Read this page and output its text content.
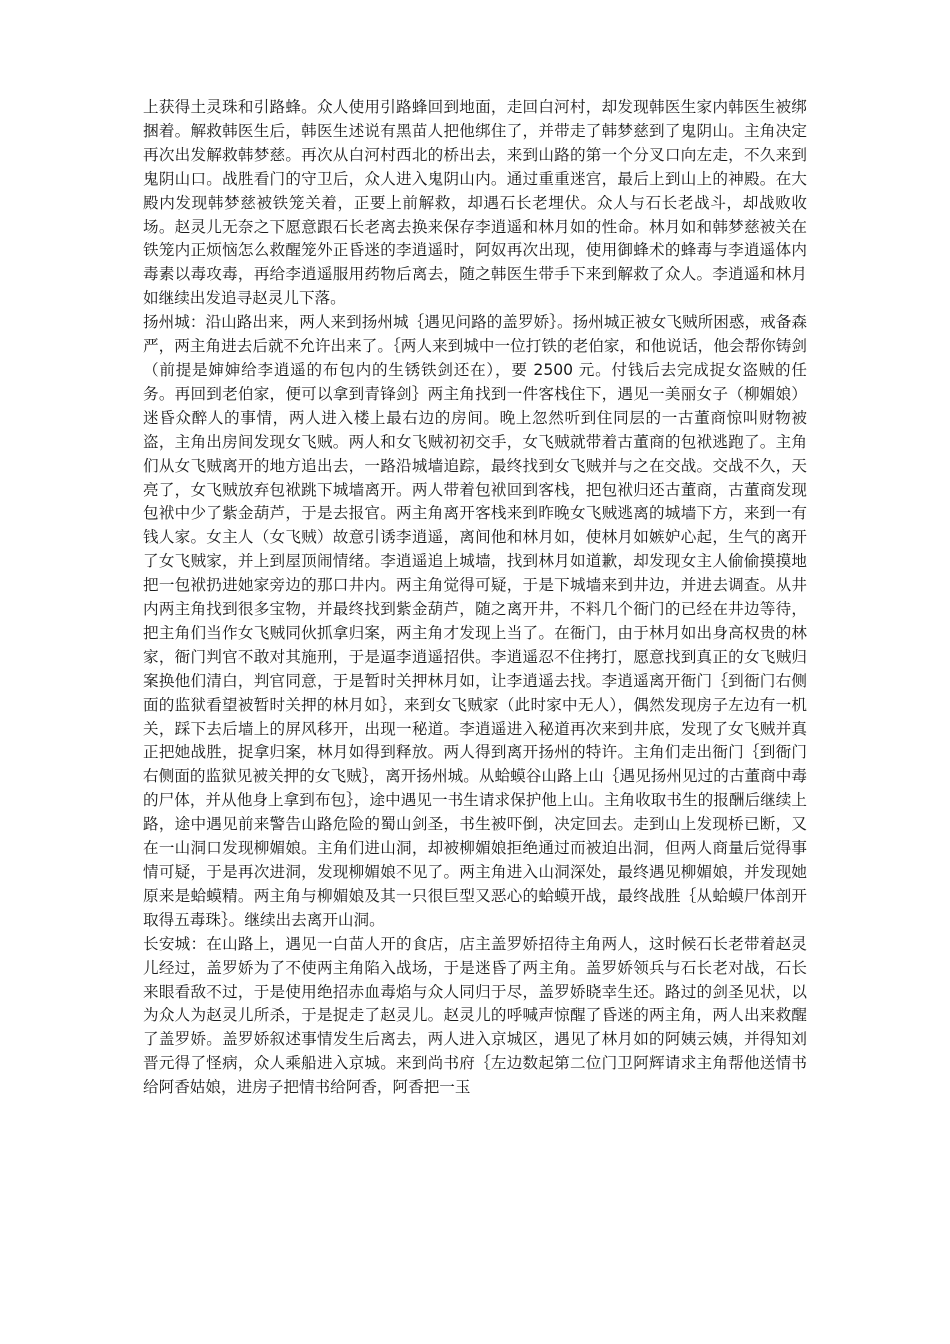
上获得土灵珠和引路蜂。众人使用引路蜂回到地面，走回白河村，却发现韩医生家内韩医生被绑捆着。解救韩医生后，韩医生述说有黑苗人把他绑住了，并带走了韩梦慈到了鬼阴山。主角决定再次出发解救韩梦慈。再次从白河村西北的桥出去，来到山路的第一个分叉口向左走，不久来到鬼阴山口。战胜看门的守卫后，众人进入鬼阴山内。通过重重迷宫，最后上到山上的神殿。在大殿内发现韩梦慈被铁笼关着，正要上前解救，却遇石长老埋伏。众人与石长老战斗，却战败收场。赵灵儿无奈之下愿意跟石长老离去换来保存李逍遥和林月如的性命。林月如和韩梦慈被关在铁笼内正烦恼怎么救醒笼外正昏迷的李逍遥时，阿奴再次出现，使用御蜂术的蜂毒与李逍遥体内毒素以毒攻毒，再给李逍遥服用药物后离去，随之韩医生带手下来到解救了众人。李逍遥和林月如继续出发追寻赵灵儿下落。

扬州城：沿山路出来，两人来到扬州城｛遇见问路的盖罗娇｝。扬州城正被女飞贼所困惑，戒备森严，两主角进去后就不允许出来了。｛两人来到城中一位打铁的老伯家，和他说话，他会帮你铸剑（前提是婶婶给李逍遥的布包内的生锈铁剑还在），要 2500 元。付钱后去完成捉女盗贼的任务。再回到老伯家，便可以拿到青锋剑｝两主角找到一件客栈住下，遇见一美丽女子（柳媚娘）迷昏众醉人的事情，两人进入楼上最右边的房间。晚上忽然听到住同层的一古董商惊叫财物被盗，主角出房间发现女飞贼。两人和女飞贼初初交手，女飞贼就带着古董商的包袱逃跑了。主角们从女飞贼离开的地方追出去，一路沿城墙追踪，最终找到女飞贼并与之在交战。交战不久，天亮了，女飞贼放弃包袱跳下城墙离开。两人带着包袱回到客栈，把包袱归还古董商，古董商发现包袱中少了紫金葫芦，于是去报官。两主角离开客栈来到昨晚女飞贼逃离的城墙下方，来到一有钱人家。女主人（女飞贼）故意引诱李逍遥，离间他和林月如，使林月如嫉妒心起，生气的离开了女飞贼家，并上到屋顶闹情绪。李逍遥追上城墙，找到林月如道歉，却发现女主人偷偷摸摸地把一包袱扔进她家旁边的那口井内。两主角觉得可疑，于是下城墙来到井边，并进去调查。从井内两主角找到很多宝物，并最终找到紫金葫芦，随之离开井，不料几个衙门的已经在井边等待，把主角们当作女飞贼同伙抓拿归案，两主角才发现上当了。在衙门，由于林月如出身高权贵的林家，衙门判官不敢对其施刑，于是逼李逍遥招供。李逍遥忍不住拷打，愿意找到真正的女飞贼归案换他们清白，判官同意，于是暂时关押林月如，让李逍遥去找。李逍遥离开衙门｛到衙门右侧面的监狱看望被暂时关押的林月如｝，来到女飞贼家（此时家中无人），偶然发现房子左边有一机关，踩下去后墙上的屏风移开，出现一秘道。李逍遥进入秘道再次来到井底，发现了女飞贼并真正把她战胜，捉拿归案，林月如得到释放。两人得到离开扬州的特许。主角们走出衙门｛到衙门右侧面的监狱见被关押的女飞贼｝，离开扬州城。从蛤蟆谷山路上山｛遇见扬州见过的古董商中毒的尸体，并从他身上拿到布包｝，途中遇见一书生请求保护他上山。主角收取书生的报酬后继续上路，途中遇见前来警告山路危险的蜀山剑圣，书生被吓倒，决定回去。走到山上发现桥已断，又在一山洞口发现柳媚娘。主角们进山洞，却被柳媚娘拒绝通过而被迫出洞，但两人商量后觉得事情可疑，于是再次进洞，发现柳媚娘不见了。两主角进入山洞深处，最终遇见柳媚娘，并发现她原来是蛤蟆精。两主角与柳媚娘及其一只很巨型又恶心的蛤蟆开战，最终战胜｛从蛤蟆尸体剖开取得五毒珠｝。继续出去离开山洞。

长安城：在山路上，遇见一白苗人开的食店，店主盖罗娇招待主角两人，这时候石长老带着赵灵儿经过，盖罗娇为了不使两主角陷入战场，于是迷昏了两主角。盖罗娇领兵与石长老对战，石长来眼看敌不过，于是使用绝招赤血毒焰与众人同归于尽，盖罗娇晓幸生还。路过的剑圣见状，以为众人为赵灵儿所杀，于是捉走了赵灵儿。赵灵儿的呼喊声惊醒了昏迷的两主角，两人出来救醒了盖罗娇。盖罗娇叙述事情发生后离去，两人进入京城区，遇见了林月如的阿姨云姨，并得知刘晋元得了怪病，众人乘船进入京城。来到尚书府｛左边数起第二位门卫阿辉请求主角帮他送情书给阿香姑娘，进房子把情书给阿香，阿香把一玉
